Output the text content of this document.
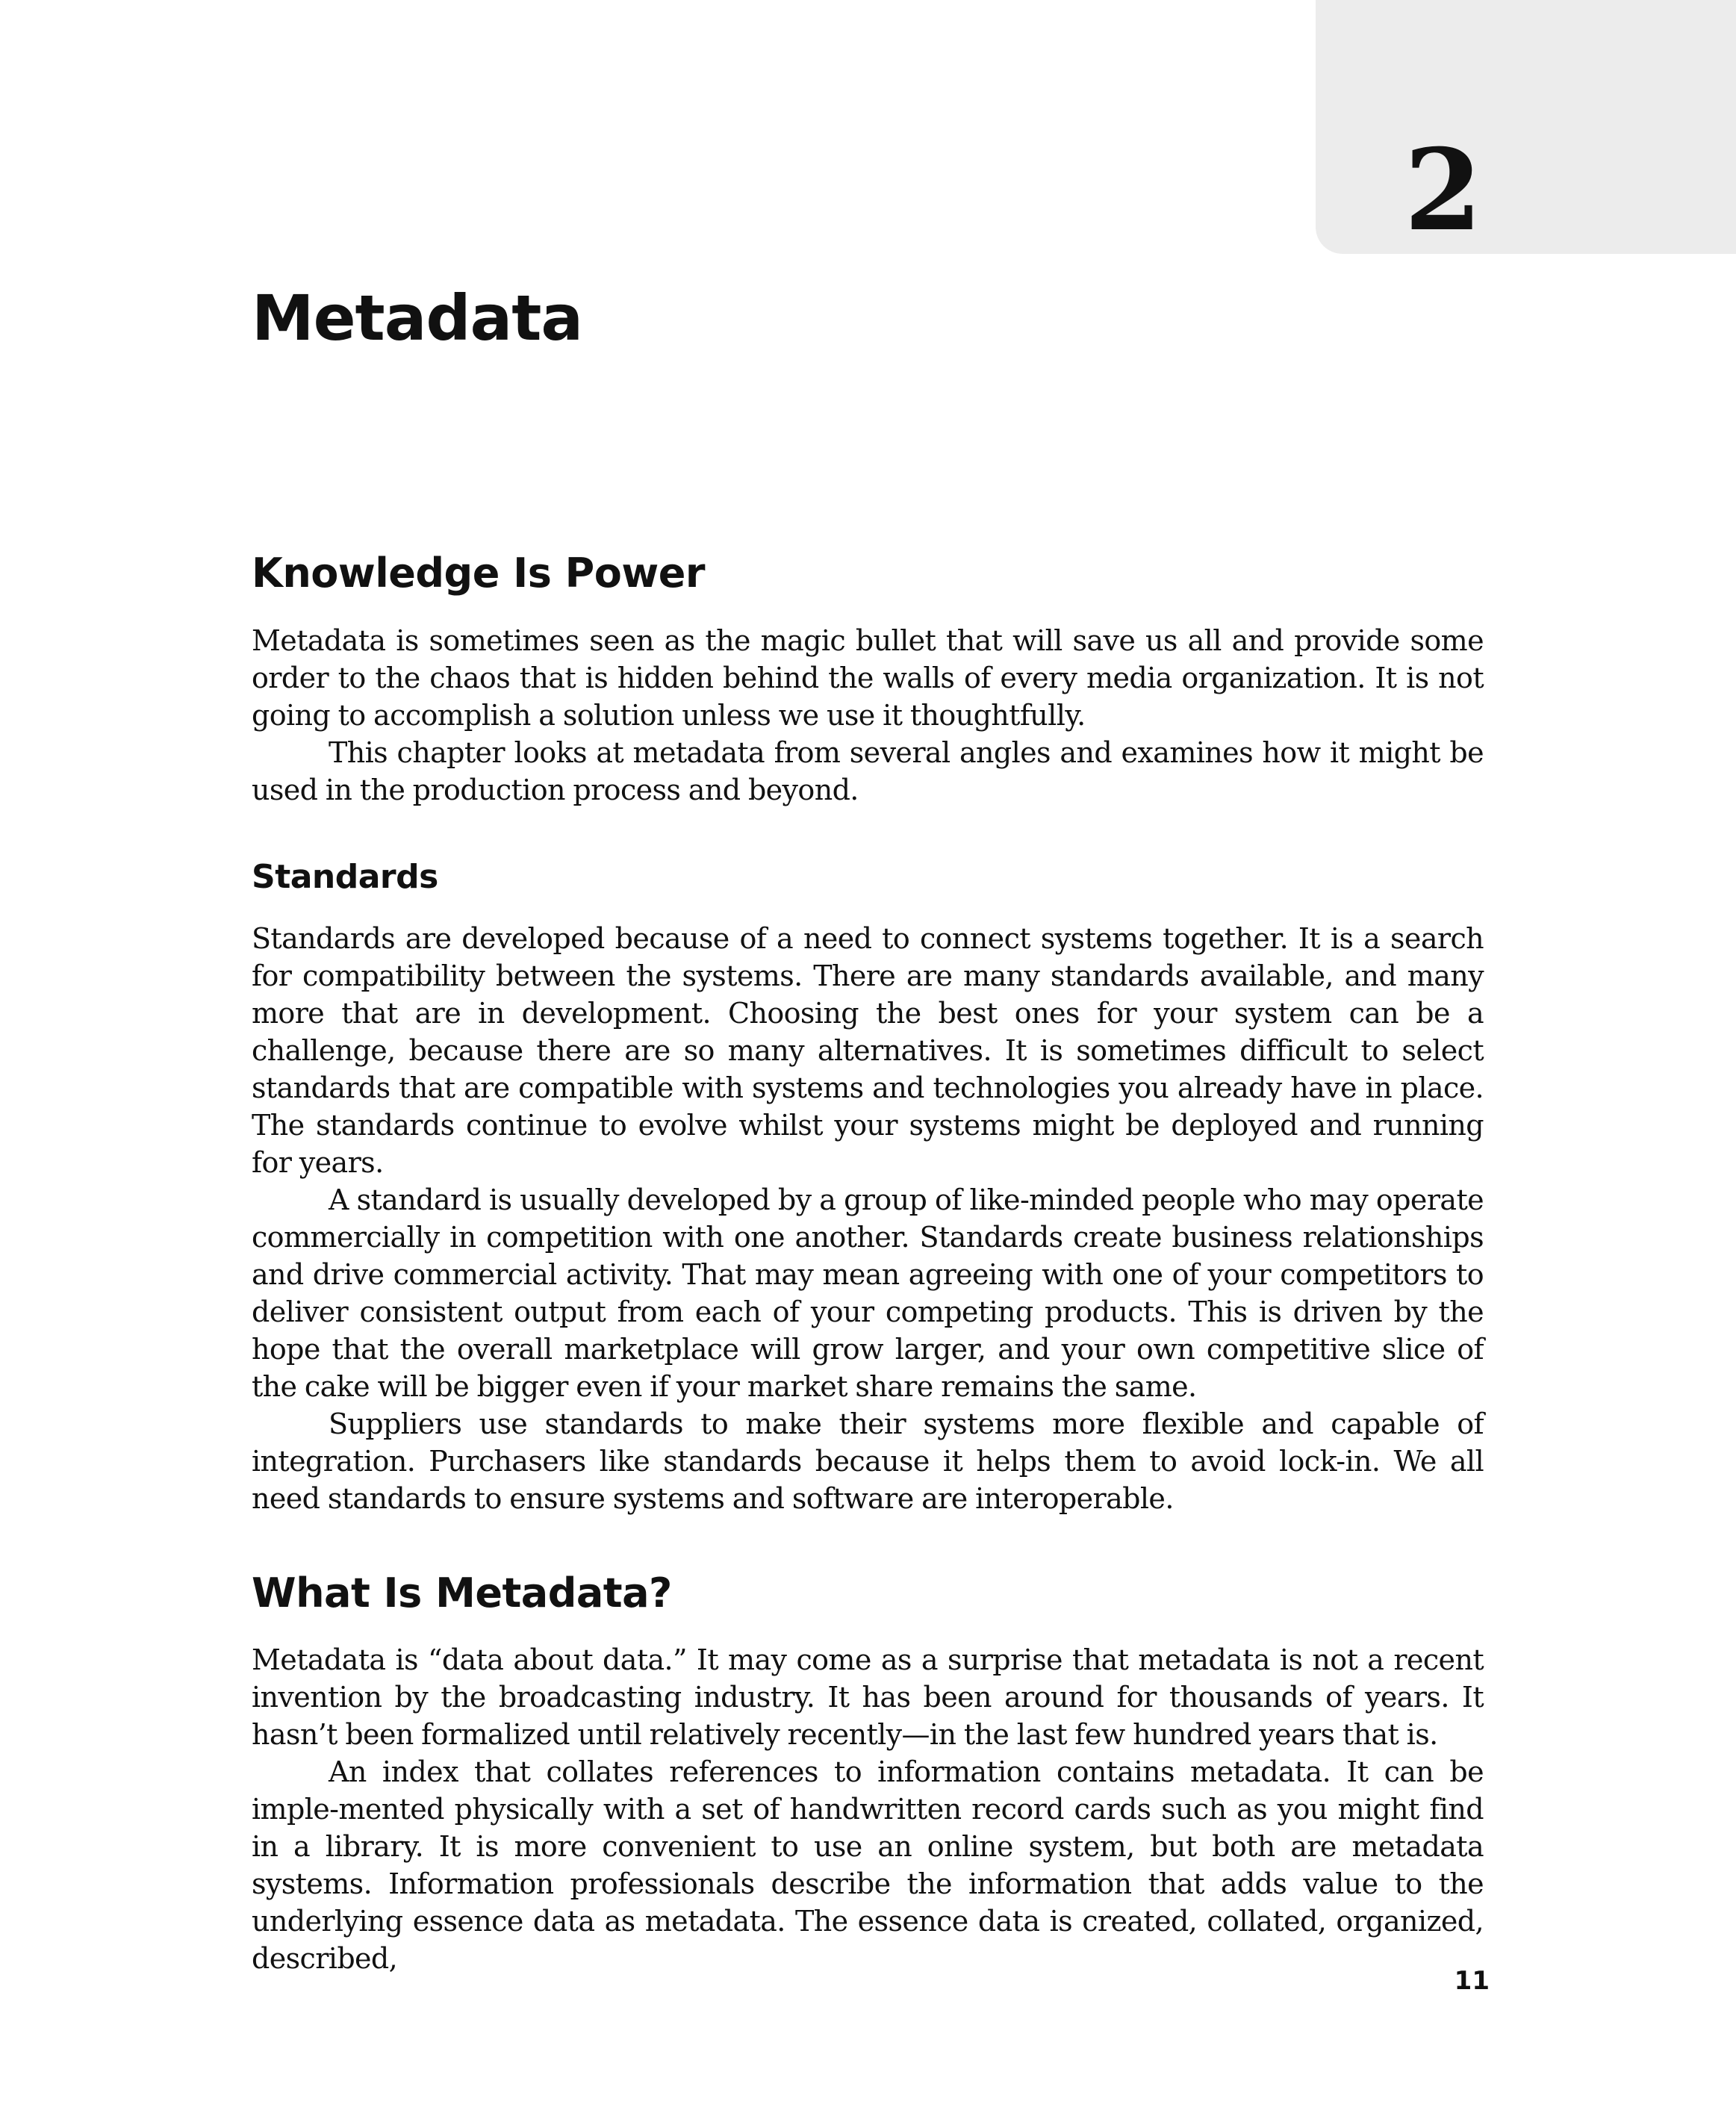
2
Metadata
Knowledge Is Power

Metadata is sometimes seen as the magic bullet that will save us all and provide some order to the chaos that is hidden behind the walls of every media organization. It is not going to accomplish a solution unless we use it thoughtfully.

This chapter looks at metadata from several angles and examines how it might be used in the production process and beyond.

Standards

Standards are developed because of a need to connect systems together. It is a search for compatibility between the systems. There are many standards available, and many more that are in development. Choosing the best ones for your system can be a challenge, because there are so many alternatives. It is sometimes difficult to select standards that are compatible with systems and technologies you already have in place. The standards continue to evolve whilst your systems might be deployed and running for years.

A standard is usually developed by a group of like-minded people who may operate commercially in competition with one another. Standards create business relationships and drive commercial activity. That may mean agreeing with one of your competitors to deliver consistent output from each of your competing products. This is driven by the hope that the overall marketplace will grow larger, and your own competitive slice of the cake will be bigger even if your market share remains the same.

Suppliers use standards to make their systems more flexible and capable of integration. Purchasers like standards because it helps them to avoid lock-in. We all need standards to ensure systems and software are interoperable.

What Is Metadata?

Metadata is “data about data.” It may come as a surprise that metadata is not a recent invention by the broadcasting industry. It has been around for thousands of years. It hasn’t been formalized until relatively recently—in the last few hundred years that is.

An index that collates references to information contains metadata. It can be imple-mented physically with a set of handwritten record cards such as you might find in a library. It is more convenient to use an online system, but both are metadata systems. Information professionals describe the information that adds value to the underlying essence data as metadata. The essence data is created, collated, organized, described,

11
